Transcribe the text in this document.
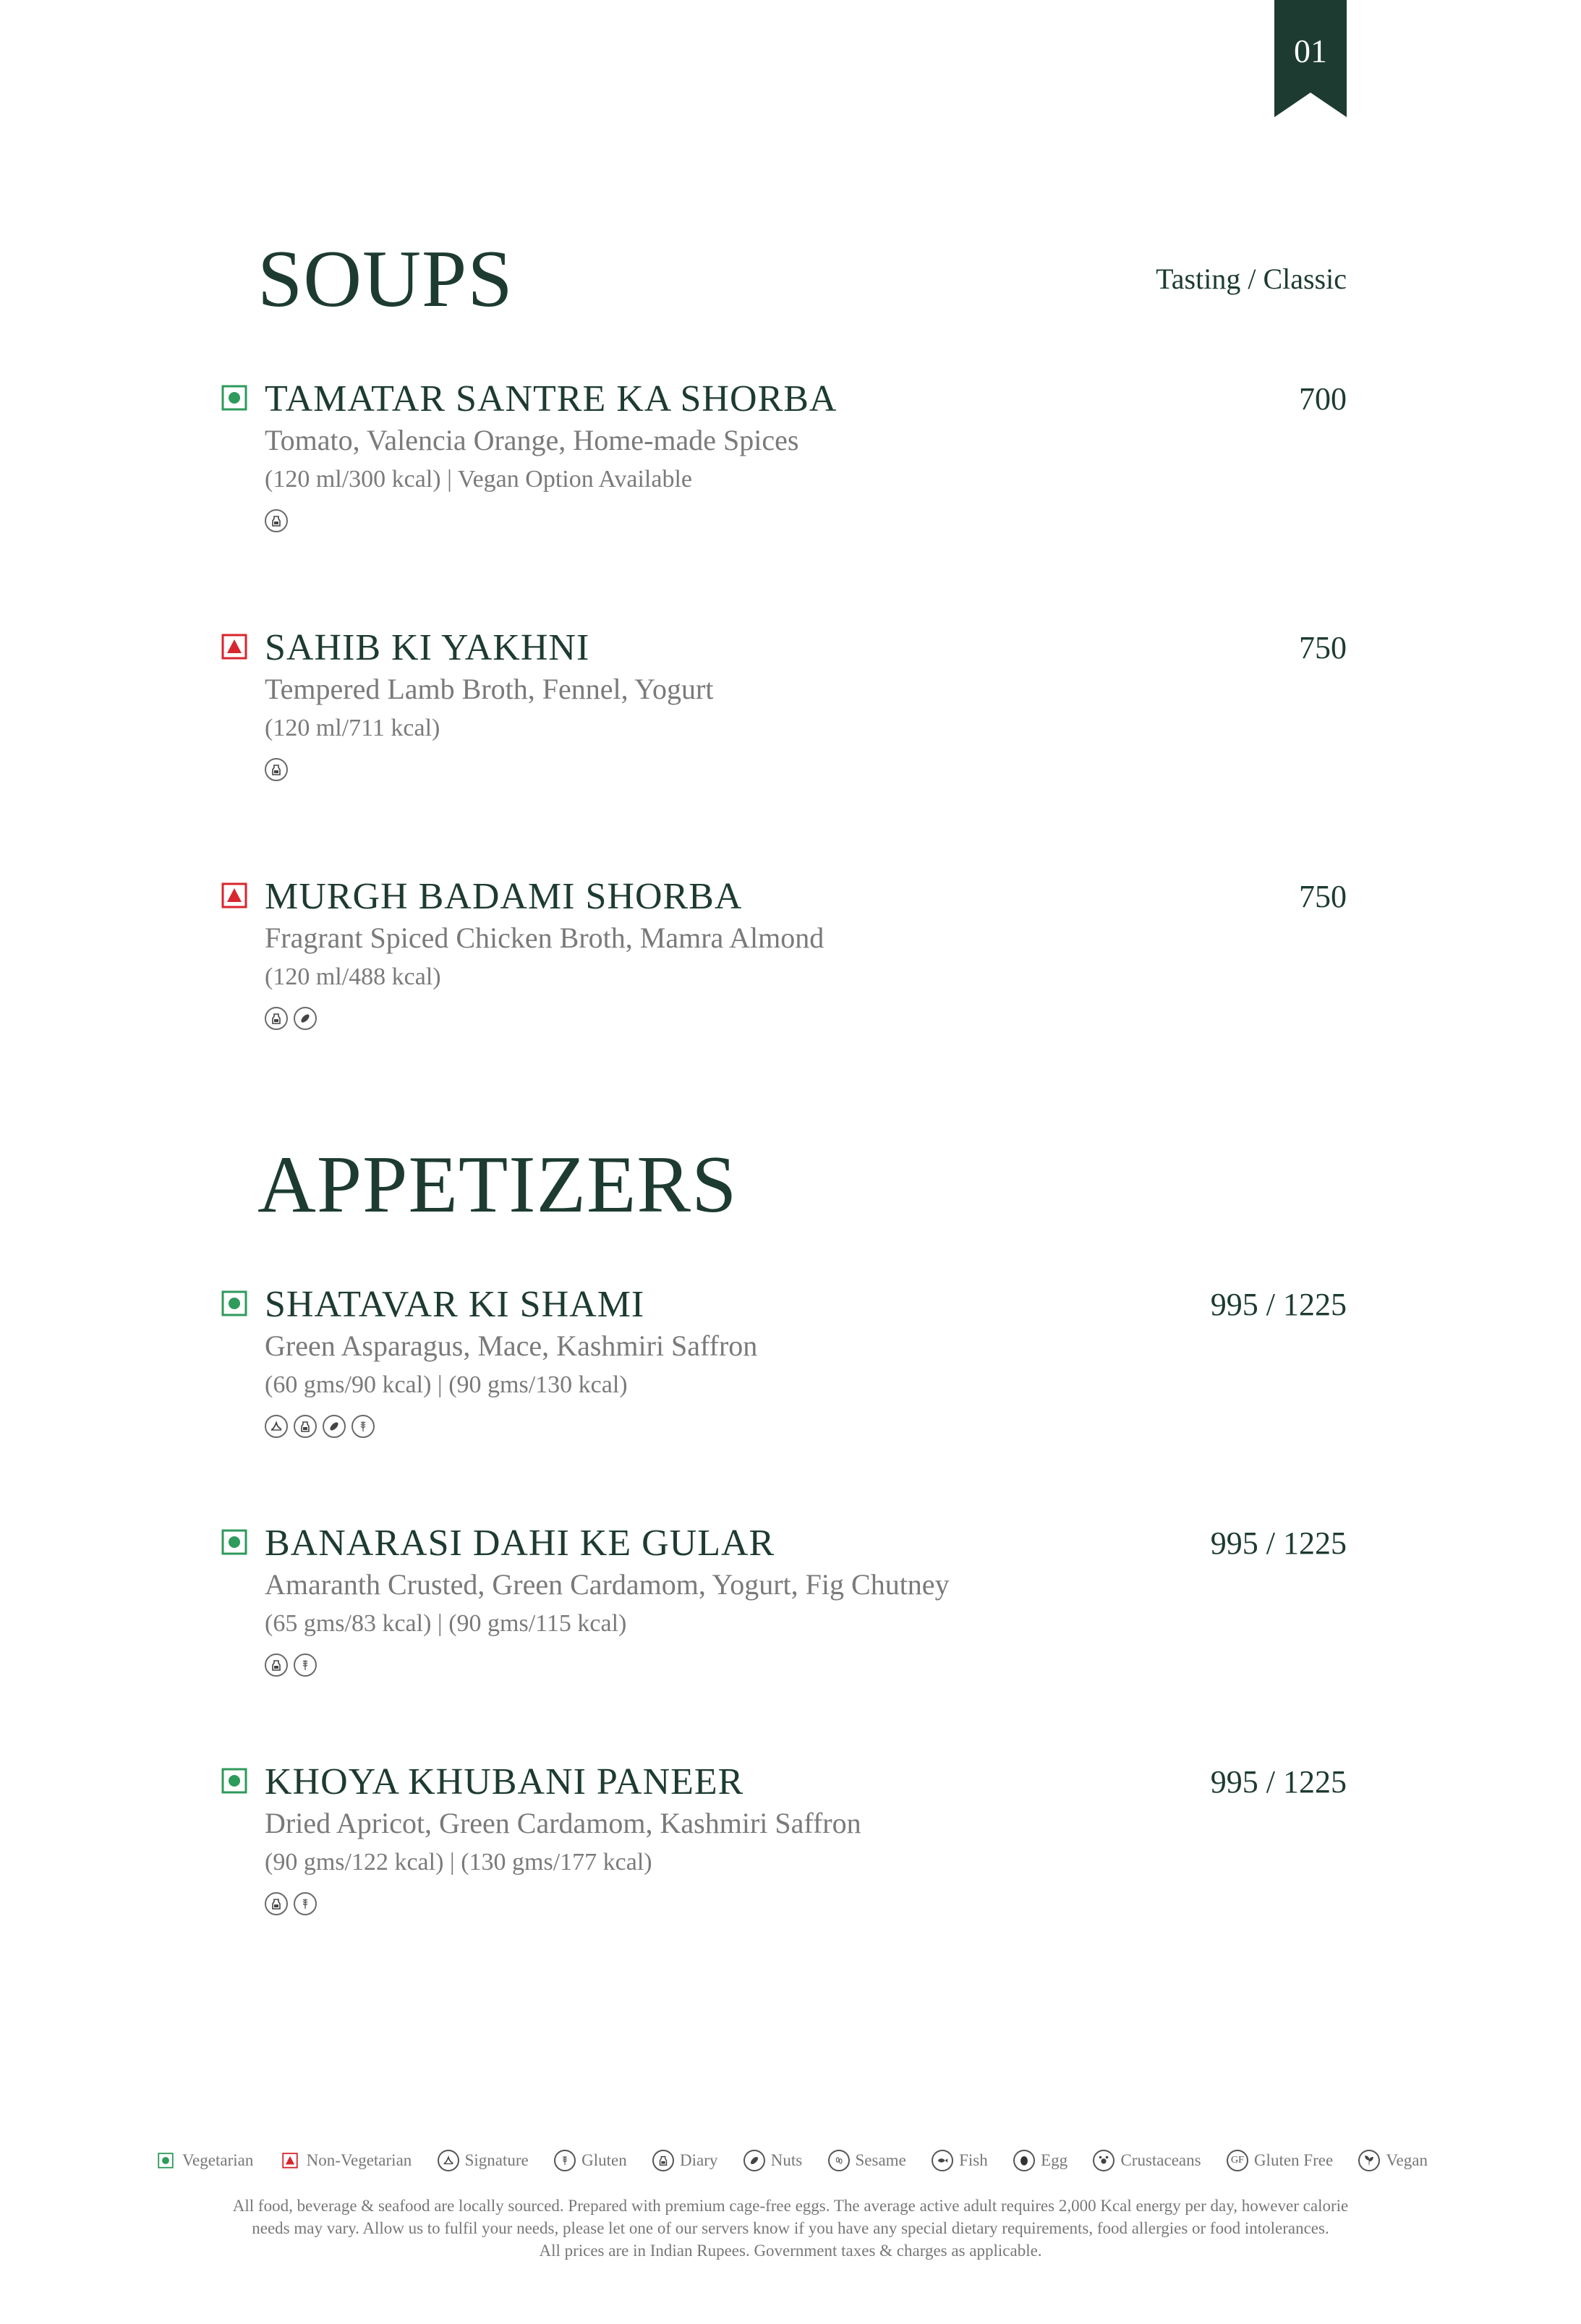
01
SOUPS	Tasting / Classic
TAMATAR SANTRE KA SHORBA	700
Tomato, Valencia Orange, Home-made Spices
(120 ml/300 kcal) | Vegan Option Available
SAHIB KI YAKHNI	750
Tempered Lamb Broth, Fennel, Yogurt
(120 ml/711 kcal)
MURGH BADAMI SHORBA	750
Fragrant Spiced Chicken Broth, Mamra Almond
(120 ml/488 kcal)
APPETIZERS
SHATAVAR KI SHAMI	995 / 1225
Green Asparagus, Mace, Kashmiri Saffron
(60 gms/90 kcal) | (90 gms/130 kcal)
BANARASI DAHI KE GULAR	995 / 1225
Amaranth Crusted, Green Cardamom, Yogurt, Fig Chutney
(65 gms/83 kcal) | (90 gms/115 kcal)
KHOYA KHUBANI PANEER	995 / 1225
Dried Apricot, Green Cardamom, Kashmiri Saffron
(90 gms/122 kcal) | (130 gms/177 kcal)
Vegetarian	Non-Vegetarian	Signature	Gluten	Diary	Nuts	Sesame	Fish	Egg	Crustaceans	GF Gluten Free	Vegan
All food, beverage & seafood are locally sourced. Prepared with premium cage-free eggs. The average active adult requires 2,000 Kcal energy per day, however calorie
needs may vary. Allow us to fulfil your needs, please let one of our servers know if you have any special dietary requirements, food allergies or food intolerances.
All prices are in Indian Rupees. Government taxes & charges as applicable.
